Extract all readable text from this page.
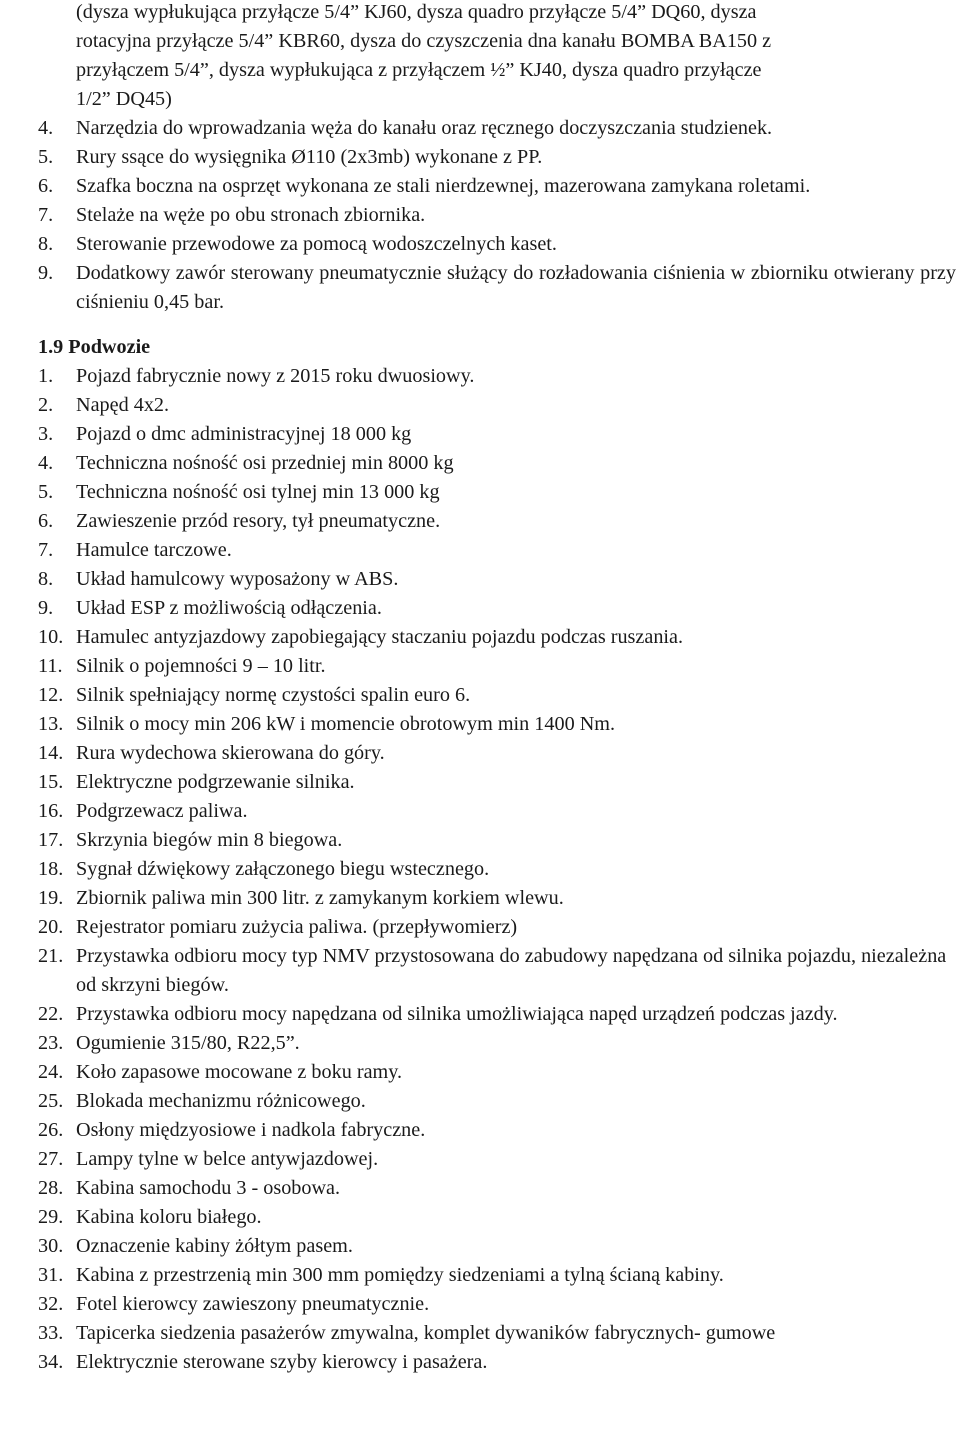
(dysza wypłukująca przyłącze 5/4” KJ60, dysza quadro przyłącze 5/4” DQ60, dysza
rotacyjna przyłącze 5/4” KBR60, dysza do czyszczenia dna kanału BOMBA BA150 z
przyłączem 5/4”, dysza wypłukująca z przyłączem ½” KJ40, dysza quadro przyłącze
1/2” DQ45)
4.	Narzędzia do wprowadzania węża do kanału oraz ręcznego doczyszczania studzienek.
5.	Rury ssące do wysięgnika Ø110 (2x3mb) wykonane z PP.
6.	Szafka boczna na osprzęt wykonana ze stali nierdzewnej, mazerowana zamykana roletami.
7.	Stelaże na węże po obu stronach zbiornika.
8.	Sterowanie przewodowe za pomocą wodoszczelnych kaset.
9.	Dodatkowy zawór sterowany pneumatycznie służący do rozładowania ciśnienia w zbiorniku otwierany przy ciśnieniu 0,45 bar.
1.9 Podwozie
1.	Pojazd fabrycznie nowy z 2015 roku dwuosiowy.
2.	Napęd 4x2.
3.	Pojazd o dmc administracyjnej 18 000 kg
4.	Techniczna nośność osi przedniej min 8000 kg
5.	Techniczna nośność osi tylnej min 13 000 kg
6.	Zawieszenie przód resory, tył pneumatyczne.
7.	Hamulce tarczowe.
8.	Układ hamulcowy wyposażony w ABS.
9.	Układ ESP z możliwością odłączenia.
10. Hamulec antyzjazdowy zapobiegający staczaniu pojazdu podczas ruszania.
11. Silnik o pojemności 9 – 10 litr.
12. Silnik spełniający normę czystości spalin euro 6.
13. Silnik o mocy min 206 kW i momencie obrotowym min 1400 Nm.
14. Rura wydechowa skierowana do góry.
15. Elektryczne podgrzewanie silnika.
16. Podgrzewacz paliwa.
17. Skrzynia biegów min 8 biegowa.
18. Sygnał dźwiękowy załączonego biegu wstecznego.
19. Zbiornik paliwa min 300 litr. z zamykanym korkiem wlewu.
20. Rejestrator pomiaru zużycia paliwa. (przepływomierz)
21. Przystawka odbioru mocy typ NMV przystosowana do zabudowy napędzana od silnika pojazdu, niezależna od skrzyni biegów.
22. Przystawka odbioru mocy napędzana od silnika umożliwiająca napęd urządzeń podczas jazdy.
23. Ogumienie 315/80, R22,5”.
24. Koło zapasowe mocowane z boku ramy.
25. Blokada mechanizmu różnicowego.
26. Osłony międzyosiowe i nadkola fabryczne.
27. Lampy tylne w belce antywjazdowej.
28. Kabina samochodu 3 - osobowa.
29. Kabina koloru białego.
30. Oznaczenie kabiny żółtym pasem.
31. Kabina z przestrzenią min 300 mm pomiędzy siedzeniami a tylną ścianą kabiny.
32. Fotel kierowcy zawieszony pneumatycznie.
33. Tapicerka siedzenia pasażerów zmywalna, komplet dywaników fabrycznych- gumowe
34. Elektrycznie sterowane szyby kierowcy i pasażera.
